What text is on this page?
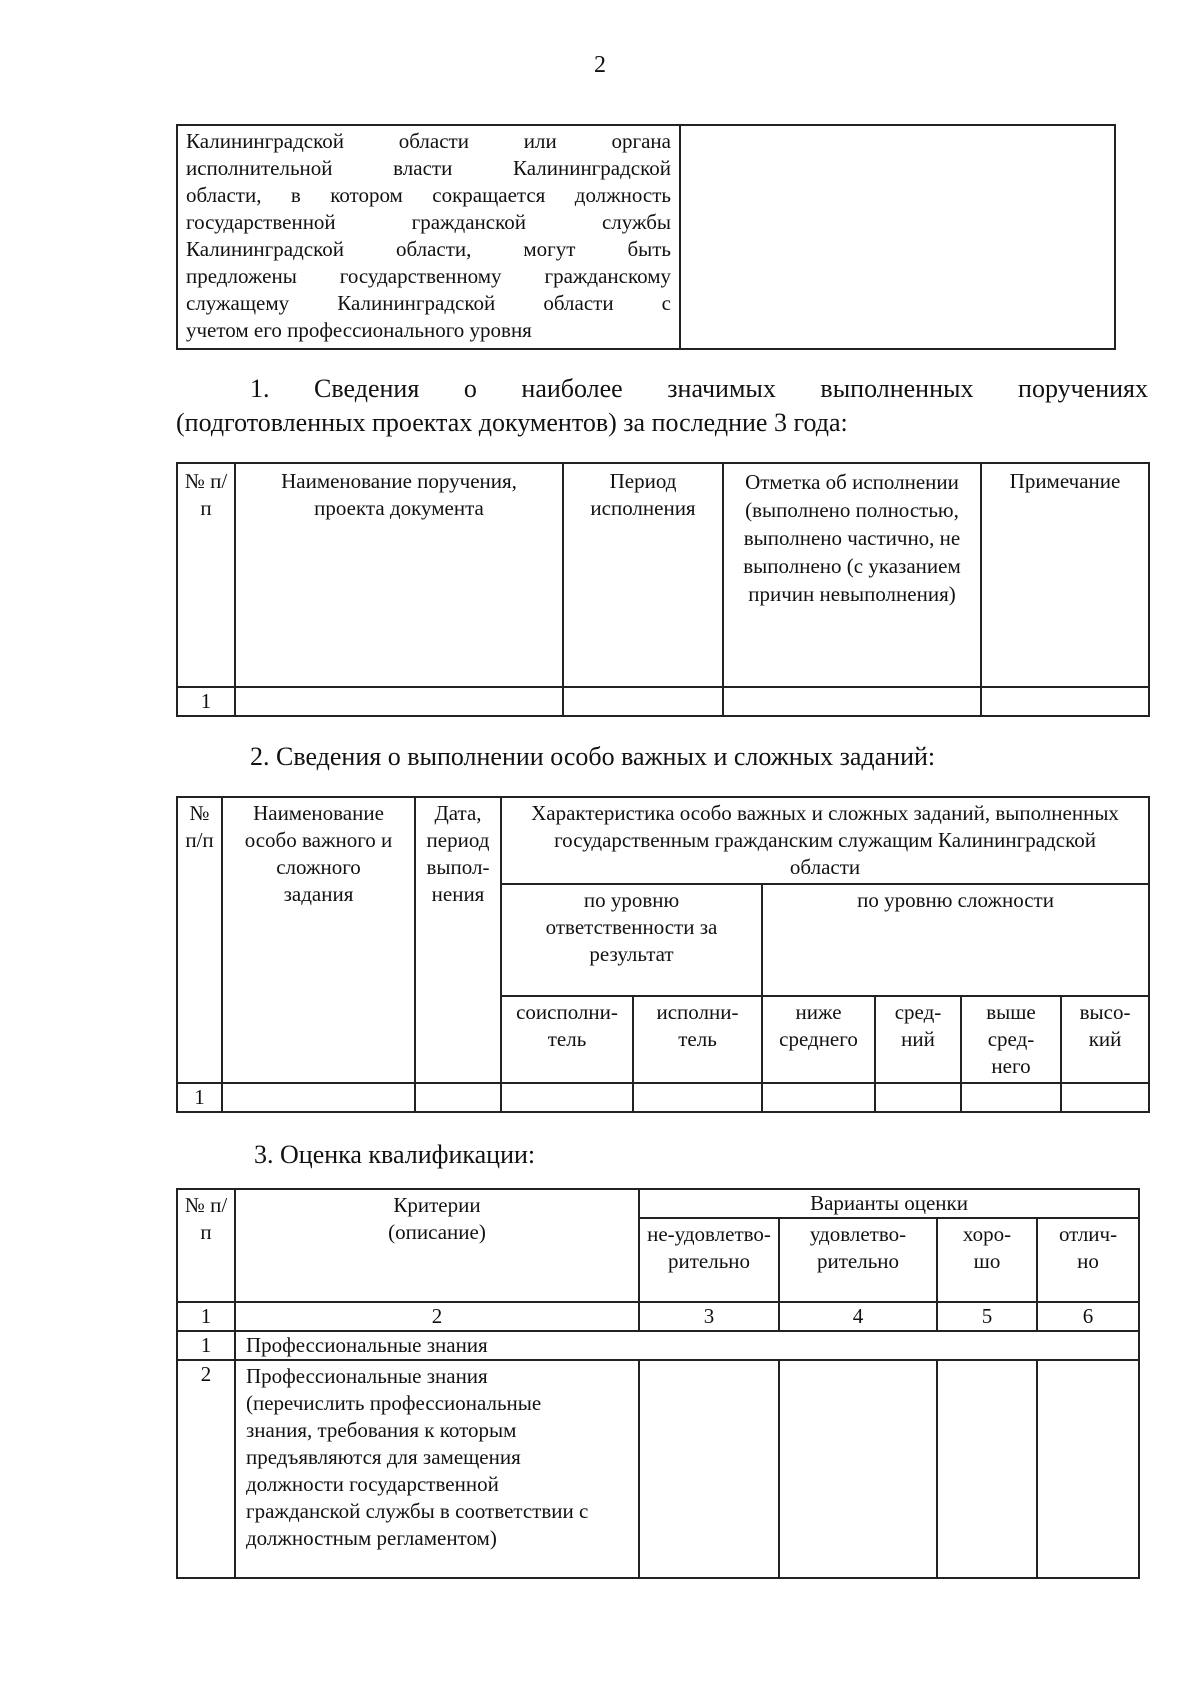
2
Калининградской области или органа
исполнительной власти Калининградской
области, в котором сокращается должность
государственной гражданской службы
Калининградской области, могут быть
предложены государственному гражданскому
служащему Калининградской области с
учетом его профессионального уровня

1. Сведения о наиболее значимых выполненных поручениях
(подготовленных проектах документов) за последние 3 года:
№ п/п	Наименование поручения, проекта документа	Период исполнения	Отметка об исполнении (выполнено полностью, выполнено частично, не выполнено (с указанием причин невыполнения)	Примечание
1				
2. Сведения о выполнении особо важных и сложных заданий:
№ п/п	Наименование особо важного и сложного задания	Дата, период выпол-нения	Характеристика особо важных и сложных заданий, выполненных государственным гражданским служащим Калининградской области					
			по уровню ответственности за результат		по уровню сложности			
			соисполни-тель	исполни-тель	ниже среднего	сред-ний	выше сред-него	высо-кий
1								
3. Оценка квалификации:
№ п/п	Критерии (описание)	Варианты оценки			
		не-удовлетво-рительно	удовлетво-рительно	хоро-шо	отлич-но
1	2	3	4	5	6
1	Профессиональные знания				
2	Профессиональные знания (перечислить профессиональные знания, требования к которым предъявляются для замещения должности государственной гражданской службы в соответствии с должностным регламентом)				
